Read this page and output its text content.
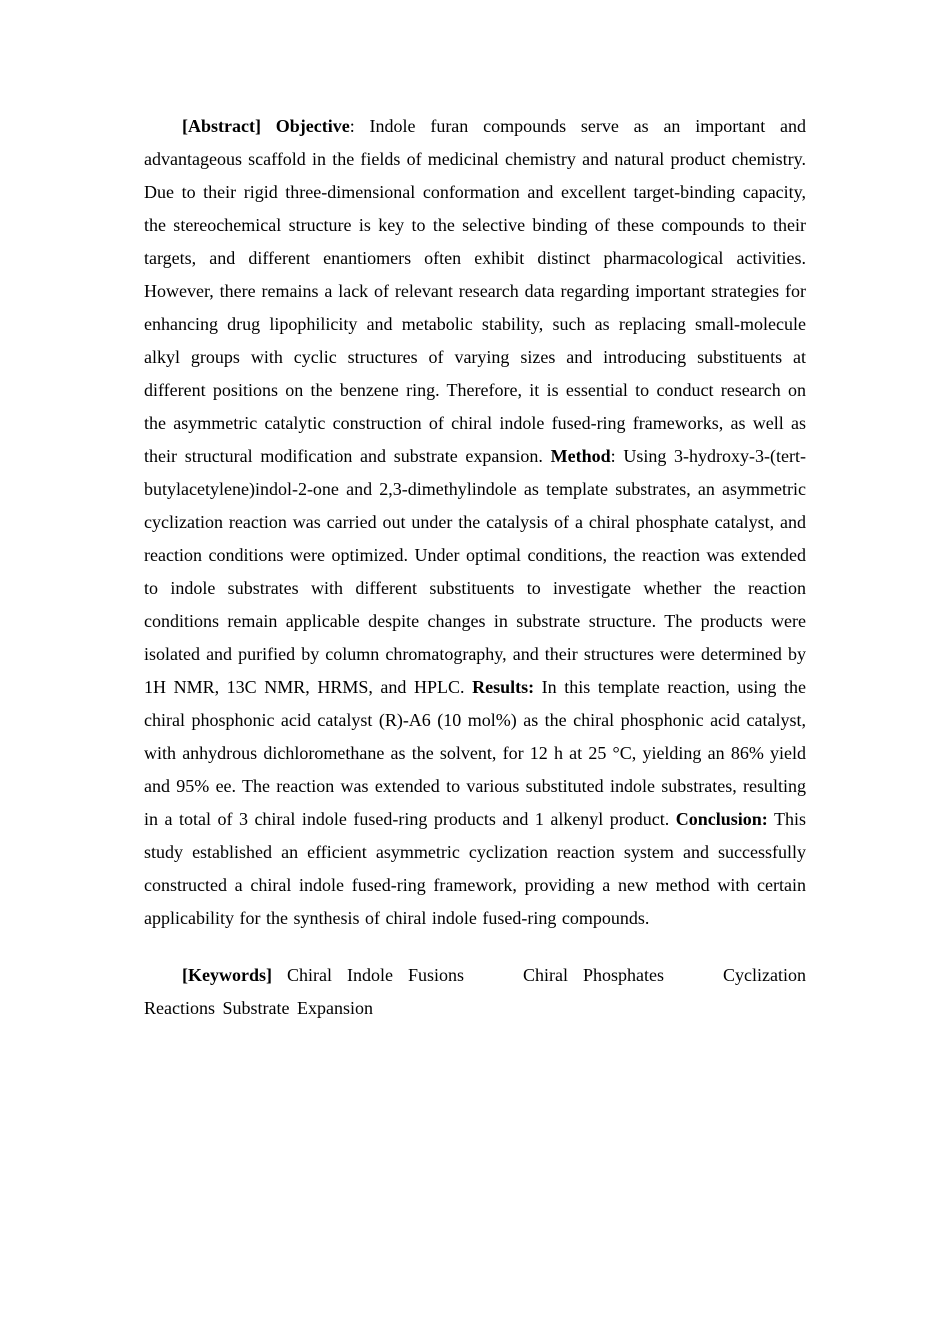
[Abstract] Objective: Indole furan compounds serve as an important and advantageous scaffold in the fields of medicinal chemistry and natural product chemistry. Due to their rigid three-dimensional conformation and excellent target-binding capacity, the stereochemical structure is key to the selective binding of these compounds to their targets, and different enantiomers often exhibit distinct pharmacological activities. However, there remains a lack of relevant research data regarding important strategies for enhancing drug lipophilicity and metabolic stability, such as replacing small-molecule alkyl groups with cyclic structures of varying sizes and introducing substituents at different positions on the benzene ring. Therefore, it is essential to conduct research on the asymmetric catalytic construction of chiral indole fused-ring frameworks, as well as their structural modification and substrate expansion. Method: Using 3-hydroxy-3-(tert-butylacetylene)indol-2-one and 2,3-dimethylindole as template substrates, an asymmetric cyclization reaction was carried out under the catalysis of a chiral phosphate catalyst, and reaction conditions were optimized. Under optimal conditions, the reaction was extended to indole substrates with different substituents to investigate whether the reaction conditions remain applicable despite changes in substrate structure. The products were isolated and purified by column chromatography, and their structures were determined by 1H NMR, 13C NMR, HRMS, and HPLC. Results: In this template reaction, using the chiral phosphonic acid catalyst (R)-A6 (10 mol%) as the chiral phosphonic acid catalyst, with anhydrous dichloromethane as the solvent, for 12 h at 25 °C, yielding an 86% yield and 95% ee. The reaction was extended to various substituted indole substrates, resulting in a total of 3 chiral indole fused-ring products and 1 alkenyl product. Conclusion: This study established an efficient asymmetric cyclization reaction system and successfully constructed a chiral indole fused-ring framework, providing a new method with certain applicability for the synthesis of chiral indole fused-ring compounds.

[Keywords] Chiral Indole Fusions	Chiral Phosphates	Cyclization Reactions Substrate Expansion
